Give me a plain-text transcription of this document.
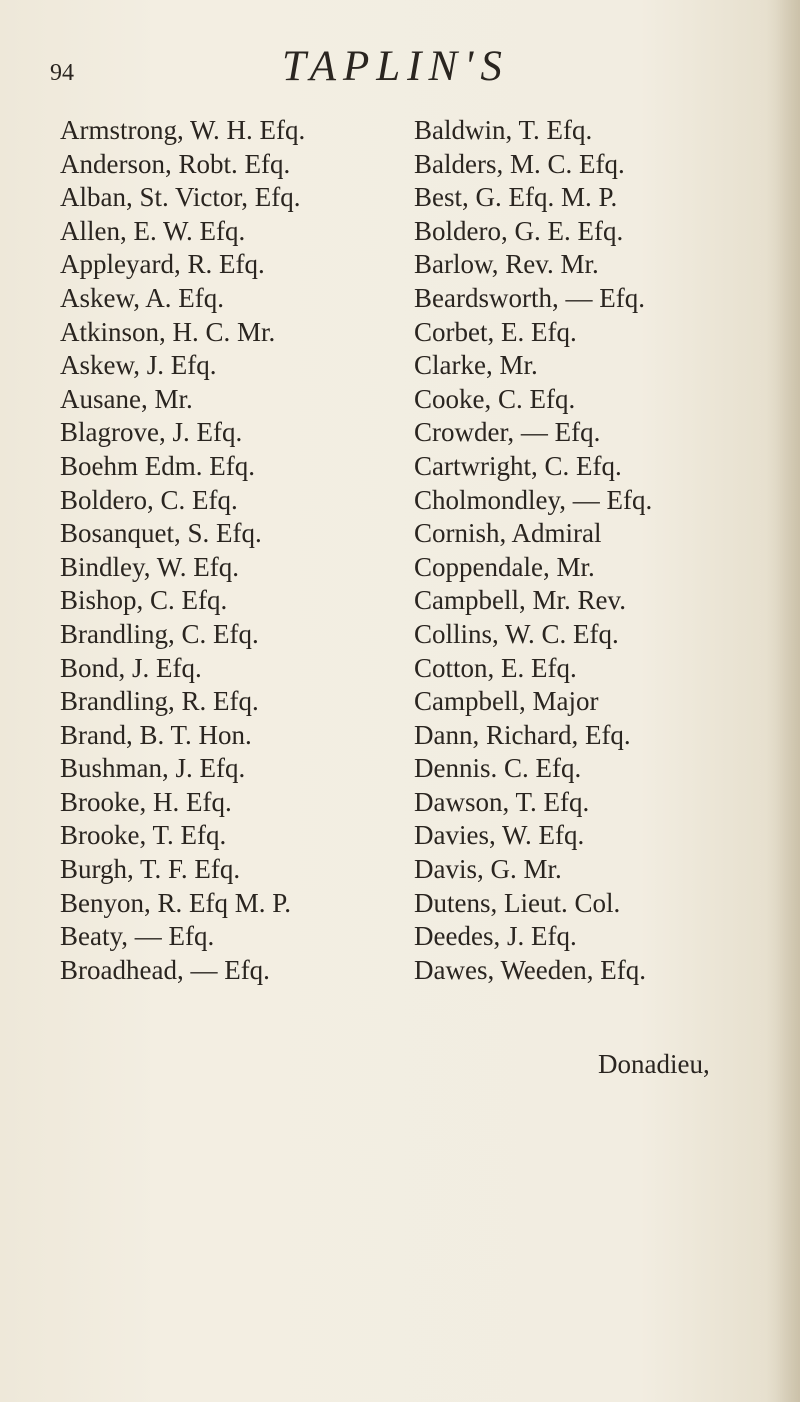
94	TAPLIN'S
Armstrong, W. H. Efq.
Anderson, Robt. Efq.
Alban, St. Victor, Efq.
Allen, E. W. Efq.
Appleyard, R. Efq.
Askew, A. Efq.
Atkinson, H. C. Mr.
Askew, J. Efq.
Ausane, Mr.
Blagrove, J. Efq.
Boehm Edm. Efq.
Boldero, C. Efq.
Bosanquet, S. Efq.
Bindley, W. Efq.
Bishop, C. Efq.
Brandling, C. Efq.
Bond, J. Efq.
Brandling, R. Efq.
Brand, B. T. Hon.
Bushman, J. Efq.
Brooke, H. Efq.
Brooke, T. Efq.
Burgh, T. F. Efq.
Benyon, R. Efq M. P.
Beaty, — Efq.
Broadhead, — Efq.
Baldwin, T. Efq.
Balders, M. C. Efq.
Best, G. Efq. M. P.
Boldero, G. E. Efq.
Barlow, Rev. Mr.
Beardsworth, — Efq.
Corbet, E. Efq.
Clarke, Mr.
Cooke, C. Efq.
Crowder, — Efq.
Cartwright, C. Efq.
Cholmondley, — Efq.
Cornish, Admiral
Coppendale, Mr.
Campbell, Mr. Rev.
Collins, W. C. Efq.
Cotton, E. Efq.
Campbell, Major
Dann, Richard, Efq.
Dennis. C. Efq.
Dawson, T. Efq.
Davies, W. Efq.
Davis, G. Mr.
Dutens, Lieut. Col.
Deedes, J. Efq.
Dawes, Weeden, Efq.
Donadieu,
